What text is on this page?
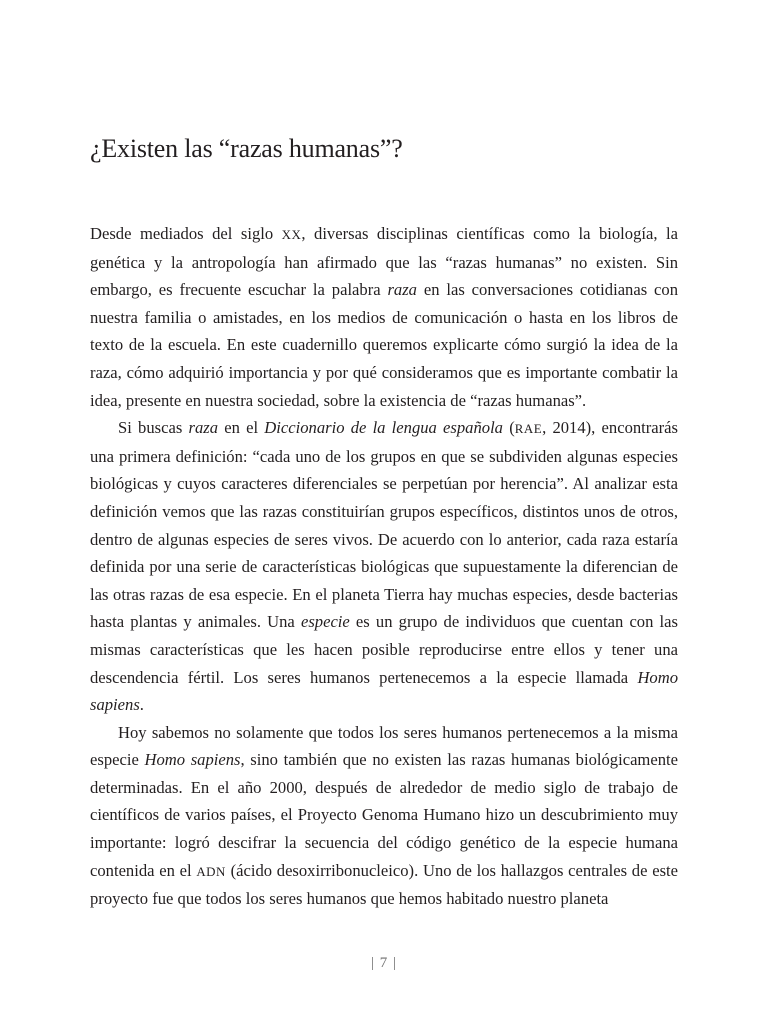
¿Existen las “razas humanas”?

Desde mediados del siglo XX, diversas disciplinas científicas como la biología, la genética y la antropología han afirmado que las “razas humanas” no existen. Sin embargo, es frecuente escuchar la palabra raza en las conversaciones cotidianas con nuestra familia o amistades, en los medios de comunicación o hasta en los libros de texto de la escuela. En este cuadernillo queremos explicarte cómo surgió la idea de la raza, cómo adquirió importancia y por qué consideramos que es importante combatir la idea, presente en nuestra sociedad, sobre la existencia de “razas humanas”.

Si buscas raza en el Diccionario de la lengua española (RAE, 2014), encontrarás una primera definición: “cada uno de los grupos en que se subdividen algunas especies biológicas y cuyos caracteres diferenciales se perpetúan por herencia”. Al analizar esta definición vemos que las razas constituirían grupos específicos, distintos unos de otros, dentro de algunas especies de seres vivos. De acuerdo con lo anterior, cada raza estaría definida por una serie de características biológicas que supuestamente la diferencian de las otras razas de esa especie. En el planeta Tierra hay muchas especies, desde bacterias hasta plantas y animales. Una especie es un grupo de individuos que cuentan con las mismas características que les hacen posible reproducirse entre ellos y tener una descendencia fértil. Los seres humanos pertenecemos a la especie llamada Homo sapiens.

Hoy sabemos no solamente que todos los seres humanos pertenecemos a la misma especie Homo sapiens, sino también que no existen las razas humanas biológicamente determinadas. En el año 2000, después de alrededor de medio siglo de trabajo de científicos de varios países, el Proyecto Genoma Humano hizo un descubrimiento muy importante: logró descifrar la secuencia del código genético de la especie humana contenida en el ADN (ácido desoxirribonucleico). Uno de los hallazgos centrales de este proyecto fue que todos los seres humanos que hemos habitado nuestro planeta

| 7 |
